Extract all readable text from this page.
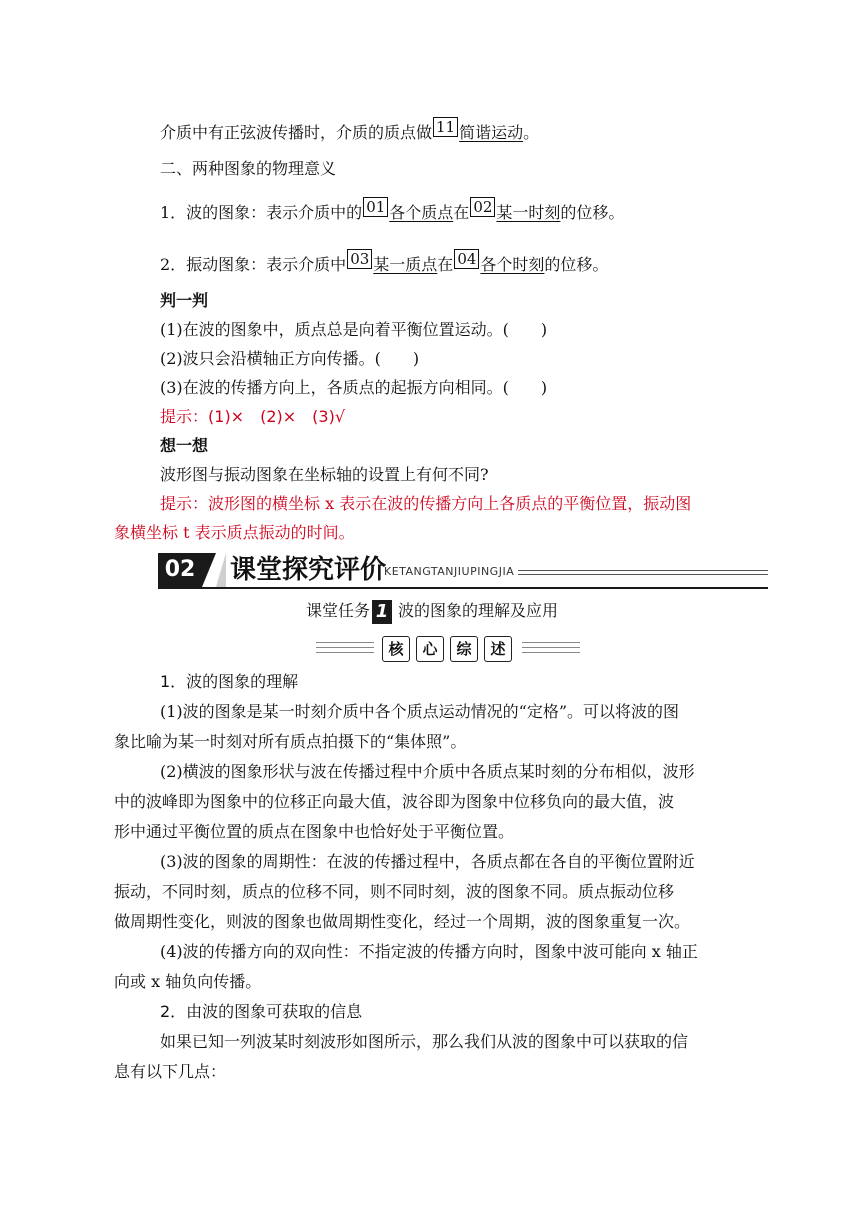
介质中有正弦波传播时，介质的质点做 11 简谐运动。
二、两种图象的物理意义
1．波的图象：表示介质中的 01 各个质点在 02 某一时刻的位移。
2．振动图象：表示介质中 03 某一质点在 04 各个时刻的位移。
判一判
(1)在波的图象中，质点总是向着平衡位置运动。(　　)
(2)波只会沿横轴正方向传播。(　　)
(3)在波的传播方向上，各质点的起振方向相同。(　　)
提示：(1)×　(2)×　(3)√
想一想
波形图与振动图象在坐标轴的设置上有何不同?
提示：波形图的横坐标 x 表示在波的传播方向上各质点的平衡位置，振动图
象横坐标 t 表示质点振动的时间。
02 课堂探究评价
KETANGTANJIUPINGJIA
课堂任务 1 波的图象的理解及应用
核	心	综	述
1．波的图象的理解
(1)波的图象是某一时刻介质中各个质点运动情况的“定格”。可以将波的图
象比喻为某一时刻对所有质点拍摄下的“集体照”。
(2)横波的图象形状与波在传播过程中介质中各质点某时刻的分布相似，波形
中的波峰即为图象中的位移正向最大值，波谷即为图象中位移负向的最大值，波
形中通过平衡位置的质点在图象中也恰好处于平衡位置。
(3)波的图象的周期性：在波的传播过程中，各质点都在各自的平衡位置附近
振动，不同时刻，质点的位移不同，则不同时刻，波的图象不同。质点振动位移
做周期性变化，则波的图象也做周期性变化，经过一个周期，波的图象重复一次。
(4)波的传播方向的双向性：不指定波的传播方向时，图象中波可能向 x 轴正
向或 x 轴负向传播。
2．由波的图象可获取的信息
如果已知一列波某时刻波形如图所示，那么我们从波的图象中可以获取的信
息有以下几点：
